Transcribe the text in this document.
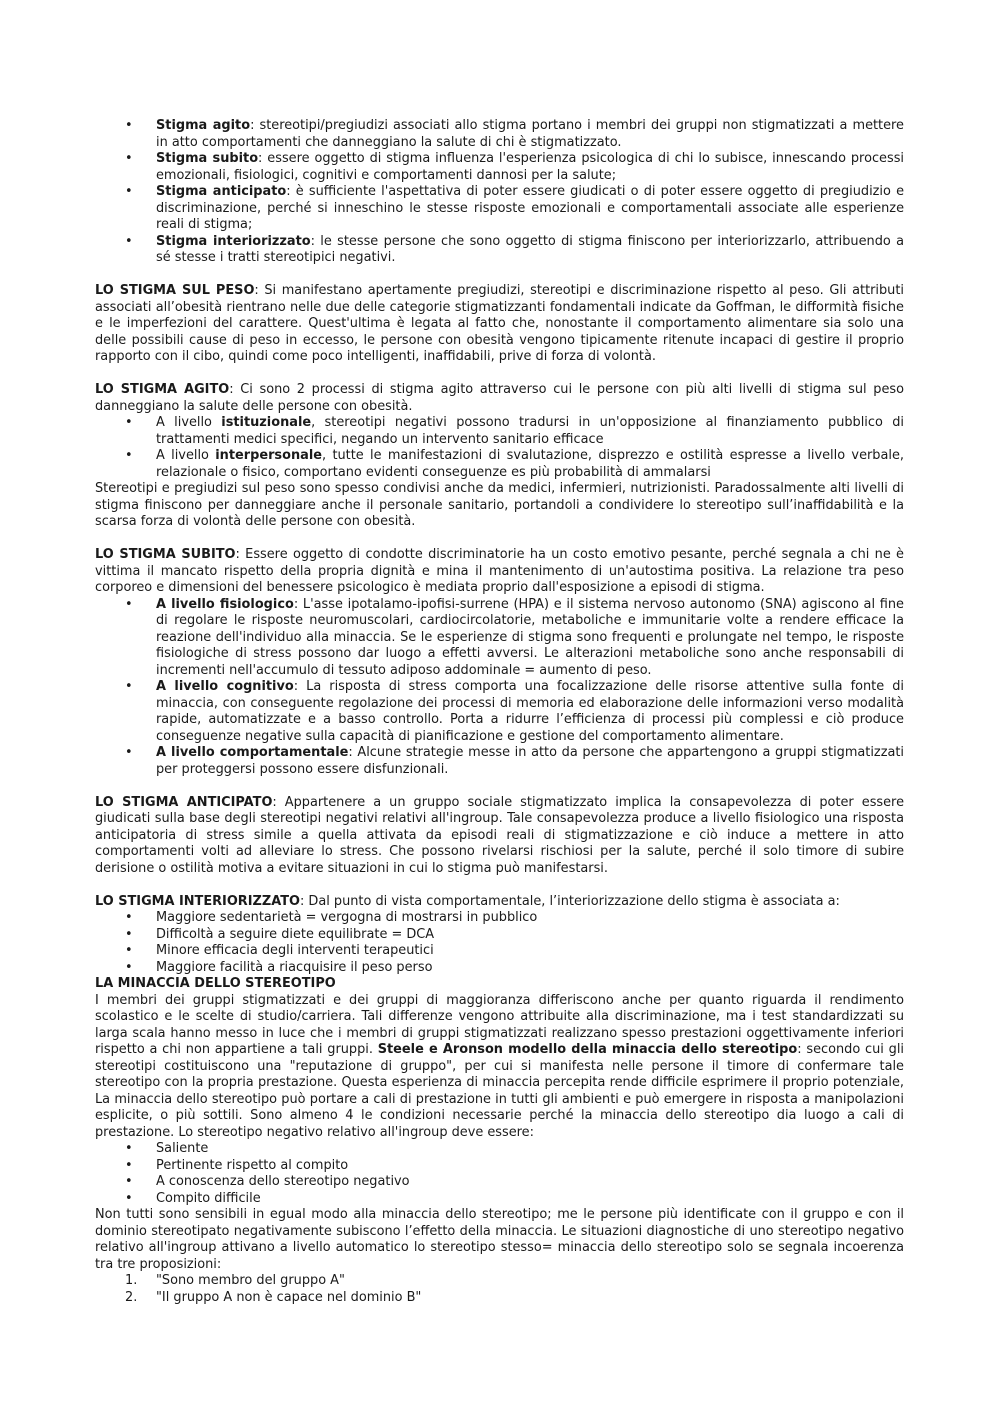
• Stigma agito: stereotipi/pregiudizi associati allo stigma portano i membri dei gruppi non stigmatizzati a mettere in atto comportamenti che danneggiano la salute di chi è stigmatizzato.
• Stigma subito: essere oggetto di stigma influenza l'esperienza psicologica di chi lo subisce, innescando processi emozionali, fisiologici, cognitivi e comportamenti dannosi per la salute;
• Stigma anticipato: è sufficiente l'aspettativa di poter essere giudicati o di poter essere oggetto di pregiudizio e discriminazione, perché si inneschino le stesse risposte emozionali e comportamentali associate alle esperienze reali di stigma;
• Stigma interiorizzato: le stesse persone che sono oggetto di stigma finiscono per interiorizzarlo, attribuendo a sé stesse i tratti stereotipici negativi.

LO STIGMA SUL PESO: Si manifestano apertamente pregiudizi, stereotipi e discriminazione rispetto al peso. Gli attributi associati all’obesità rientrano nelle due delle categorie stigmatizzanti fondamentali indicate da Goffman, le difformità fisiche e le imperfezioni del carattere. Quest'ultima è legata al fatto che, nonostante il comportamento alimentare sia solo una delle possibili cause di peso in eccesso, le persone con obesità vengono tipicamente ritenute incapaci di gestire il proprio rapporto con il cibo, quindi come poco intelligenti, inaffidabili, prive di forza di volontà.

LO STIGMA AGITO: Ci sono 2 processi di stigma agito attraverso cui le persone con più alti livelli di stigma sul peso danneggiano la salute delle persone con obesità.

• A livello istituzionale, stereotipi negativi possono tradursi in un'opposizione al finanziamento pubblico di trattamenti medici specifici, negando un intervento sanitario efficace
• A livello interpersonale, tutte le manifestazioni di svalutazione, disprezzo e ostilità espresse a livello verbale, relazionale o fisico, comportano evidenti conseguenze es più probabilità di ammalarsi

Stereotipi e pregiudizi sul peso sono spesso condivisi anche da medici, infermieri, nutrizionisti. Paradossalmente alti livelli di stigma finiscono per danneggiare anche il personale sanitario, portandoli a condividere lo stereotipo sull’inaffidabilità e la scarsa forza di volontà delle persone con obesità.

LO STIGMA SUBITO: Essere oggetto di condotte discriminatorie ha un costo emotivo pesante, perché segnala a chi ne è vittima il mancato rispetto della propria dignità e mina il mantenimento di un'autostima positiva. La relazione tra peso corporeo e dimensioni del benessere psicologico è mediata proprio dall'esposizione a episodi di stigma.

• A livello fisiologico: L'asse ipotalamo-ipofisi-surrene (HPA) e il sistema nervoso autonomo (SNA) agiscono al fine di regolare le risposte neuromuscolari, cardiocircolatorie, metaboliche e immunitarie volte a rendere efficace la reazione dell'individuo alla minaccia. Se le esperienze di stigma sono frequenti e prolungate nel tempo, le risposte fisiologiche di stress possono dar luogo a effetti avversi. Le alterazioni metaboliche sono anche responsabili di incrementi nell'accumulo di tessuto adiposo addominale = aumento di peso.
• A livello cognitivo: La risposta di stress comporta una focalizzazione delle risorse attentive sulla fonte di minaccia, con conseguente regolazione dei processi di memoria ed elaborazione delle informazioni verso modalità rapide, automatizzate e a basso controllo. Porta a ridurre l’efficienza di processi più complessi e ciò produce conseguenze negative sulla capacità di pianificazione e gestione del comportamento alimentare.
• A livello comportamentale: Alcune strategie messe in atto da persone che appartengono a gruppi stigmatizzati per proteggersi possono essere disfunzionali.

LO STIGMA ANTICIPATO: Appartenere a un gruppo sociale stigmatizzato implica la consapevolezza di poter essere giudicati sulla base degli stereotipi negativi relativi all'ingroup. Tale consapevolezza produce a livello fisiologico una risposta anticipatoria di stress simile a quella attivata da episodi reali di stigmatizzazione e ciò induce a mettere in atto comportamenti volti ad alleviare lo stress. Che possono rivelarsi rischiosi per la salute, perché il solo timore di subire derisione o ostilità motiva a evitare situazioni in cui lo stigma può manifestarsi.

LO STIGMA INTERIORIZZATO: Dal punto di vista comportamentale, l’interiorizzazione dello stigma è associata a:

• Maggiore sedentarietà = vergogna di mostrarsi in pubblico
• Difficoltà a seguire diete equilibrate = DCA
• Minore efficacia degli interventi terapeutici
• Maggiore facilità a riacquisire il peso perso

LA MINACCIA DELLO STEREOTIPO

I membri dei gruppi stigmatizzati e dei gruppi di maggioranza differiscono anche per quanto riguarda il rendimento scolastico e le scelte di studio/carriera. Tali differenze vengono attribuite alla discriminazione, ma i test standardizzati su larga scala hanno messo in luce che i membri di gruppi stigmatizzati realizzano spesso prestazioni oggettivamente inferiori rispetto a chi non appartiene a tali gruppi. Steele e Aronson modello della minaccia dello stereotipo: secondo cui gli stereotipi costituiscono una "reputazione di gruppo", per cui si manifesta nelle persone il timore di confermare tale stereotipo con la propria prestazione. Questa esperienza di minaccia percepita rende difficile esprimere il proprio potenziale, La minaccia dello stereotipo può portare a cali di prestazione in tutti gli ambienti e può emergere in risposta a manipolazioni esplicite, o più sottili. Sono almeno 4 le condizioni necessarie perché la minaccia dello stereotipo dia luogo a cali di prestazione. Lo stereotipo negativo relativo all'ingroup deve essere:

• Saliente
• Pertinente rispetto al compito
• A conoscenza dello stereotipo negativo
• Compito difficile

Non tutti sono sensibili in egual modo alla minaccia dello stereotipo; me le persone più identificate con il gruppo e con il dominio stereotipato negativamente subiscono l’effetto della minaccia. Le situazioni diagnostiche di uno stereotipo negativo relativo all'ingroup attivano a livello automatico lo stereotipo stesso= minaccia dello stereotipo solo se segnala incoerenza tra tre proposizioni:

1. "Sono membro del gruppo A"
2. "Il gruppo A non è capace nel dominio B"
